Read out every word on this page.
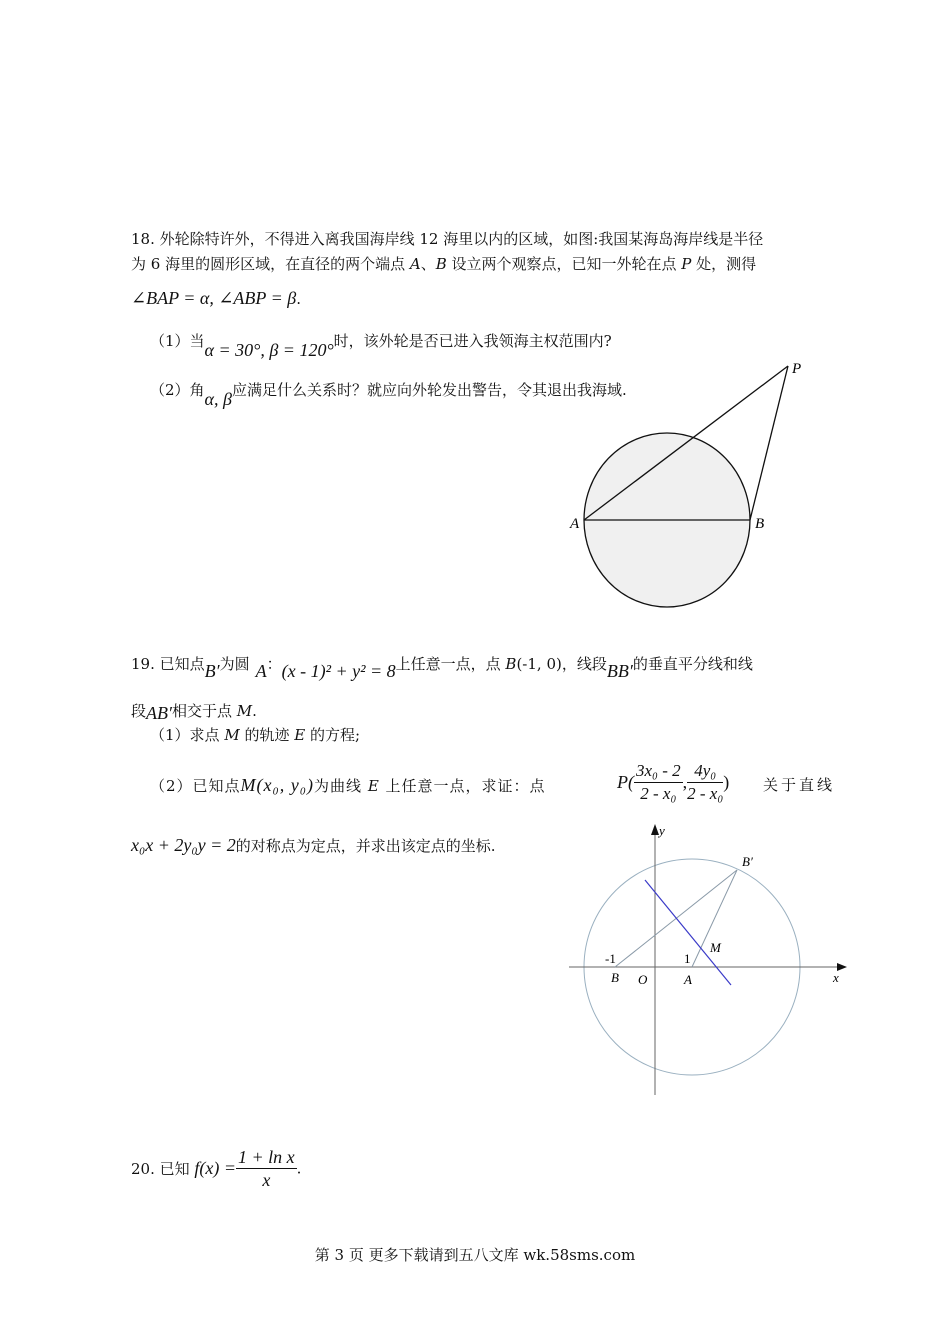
18. 外轮除特许外，不得进入离我国海岸线 12 海里以内的区域，如图:我国某海岛海岸线是半径
为 6 海里的圆形区域，在直径的两个端点 A、B 设立两个观察点，已知一外轮在点 P 处，测得
∠BAP = α, ∠ABP = β.
（1）当α = 30°, β = 120°时，该外轮是否已进入我领海主权范围内?
（2）角α, β应满足什么关系时？就应向外轮发出警告，令其退出我海域.
P
A	B
19. 已知点B′为圆 A：(x - 1)² + y² = 8上任意一点，点 B(-1, 0)，线段BB′的垂直平分线和线
段AB′相交于点 M.
（1）求点 M 的轨迹 E 的方程;
（2）已知点M(x₀, y₀)为曲线 E 上任意一点，求证：点	$P( \frac{\text{3x₀ - 2}}{\text{2 - x₀}}$ , $\frac{\text{4y₀}}{\text{2 - x₀}}$ ) 关于直线
x₀x + 2y₀y = 2的对称点为定点，并求出该定点的坐标.
y
x
B′
M
-1	1
B O	A
20. 已知 $f(x) = \frac{\text{1 + ln x}}{x}$ .
第 3 页 更多下载请到五八文库 wk.58sms.com
